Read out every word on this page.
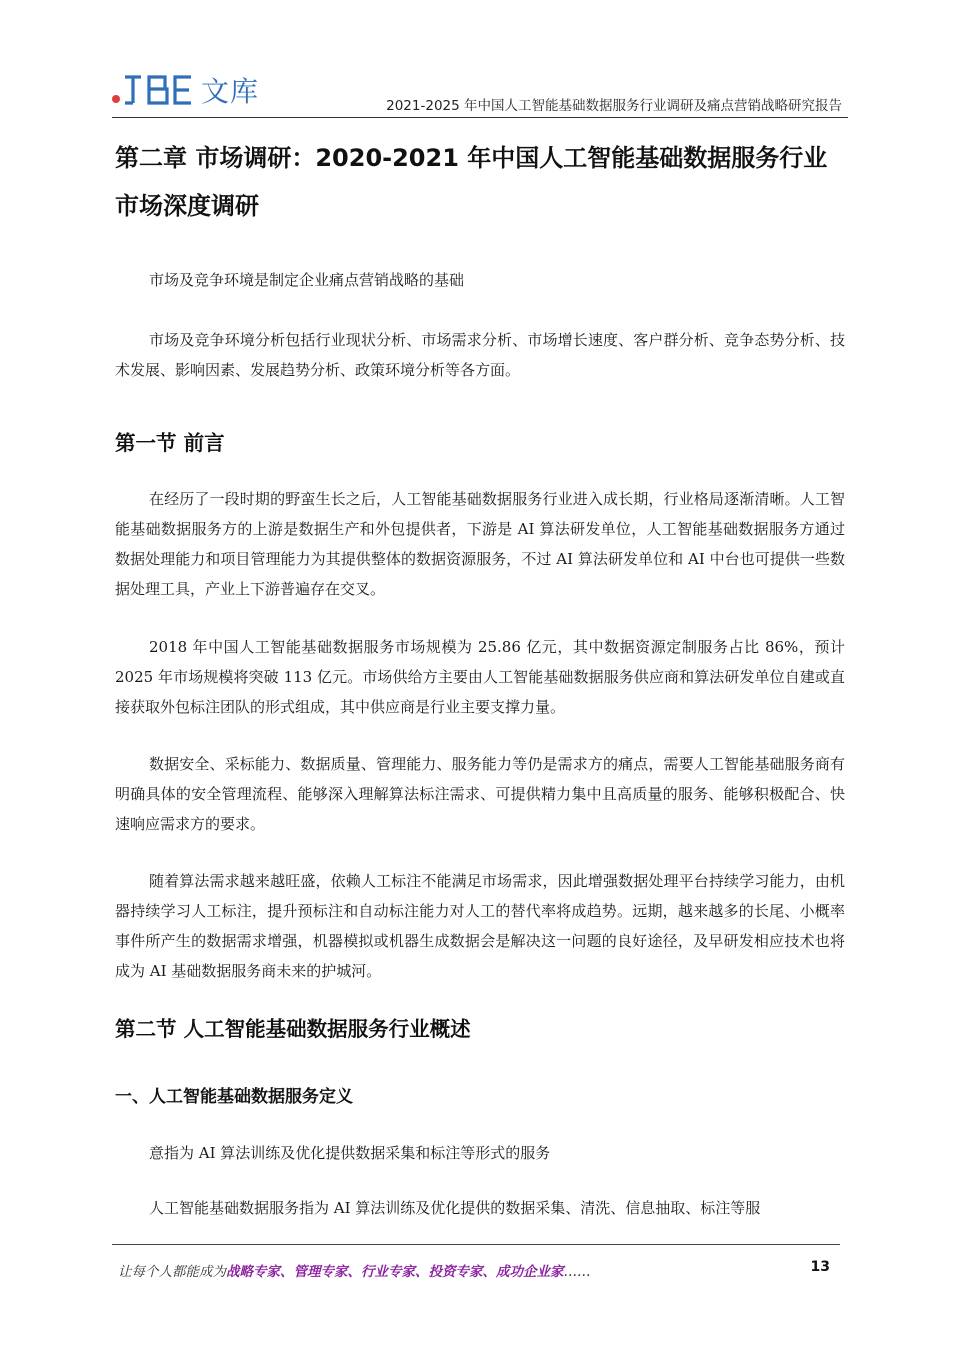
文库	2021-2025 年中国人工智能基础数据服务行业调研及痛点营销战略研究报告
第二章 市场调研：2020-2021 年中国人工智能基础数据服务行业市场深度调研
市场及竞争环境是制定企业痛点营销战略的基础
市场及竞争环境分析包括行业现状分析、市场需求分析、市场增长速度、客户群分析、竞争态势分析、技术发展、影响因素、发展趋势分析、政策环境分析等各方面。
第一节 前言
在经历了一段时期的野蛮生长之后，人工智能基础数据服务行业进入成长期，行业格局逐渐清晰。人工智能基础数据服务方的上游是数据生产和外包提供者，下游是 AI 算法研发单位，人工智能基础数据服务方通过数据处理能力和项目管理能力为其提供整体的数据资源服务，不过 AI 算法研发单位和 AI 中台也可提供一些数据处理工具，产业上下游普遍存在交叉。
2018 年中国人工智能基础数据服务市场规模为 25.86 亿元，其中数据资源定制服务占比 86%，预计 2025 年市场规模将突破 113 亿元。市场供给方主要由人工智能基础数据服务供应商和算法研发单位自建或直接获取外包标注团队的形式组成，其中供应商是行业主要支撑力量。
数据安全、采标能力、数据质量、管理能力、服务能力等仍是需求方的痛点，需要人工智能基础服务商有明确具体的安全管理流程、能够深入理解算法标注需求、可提供精力集中且高质量的服务、能够积极配合、快速响应需求方的要求。
随着算法需求越来越旺盛，依赖人工标注不能满足市场需求，因此增强数据处理平台持续学习能力，由机器持续学习人工标注，提升预标注和自动标注能力对人工的替代率将成趋势。远期，越来越多的长尾、小概率事件所产生的数据需求增强，机器模拟或机器生成数据会是解决这一问题的良好途径，及早研发相应技术也将成为 AI 基础数据服务商未来的护城河。
第二节 人工智能基础数据服务行业概述
一、人工智能基础数据服务定义
意指为 AI 算法训练及优化提供数据采集和标注等形式的服务
人工智能基础数据服务指为 AI 算法训练及优化提供的数据采集、清洗、信息抽取、标注等服
让每个人都能成为战略专家、管理专家、行业专家、投资专家、成功企业家……	13
